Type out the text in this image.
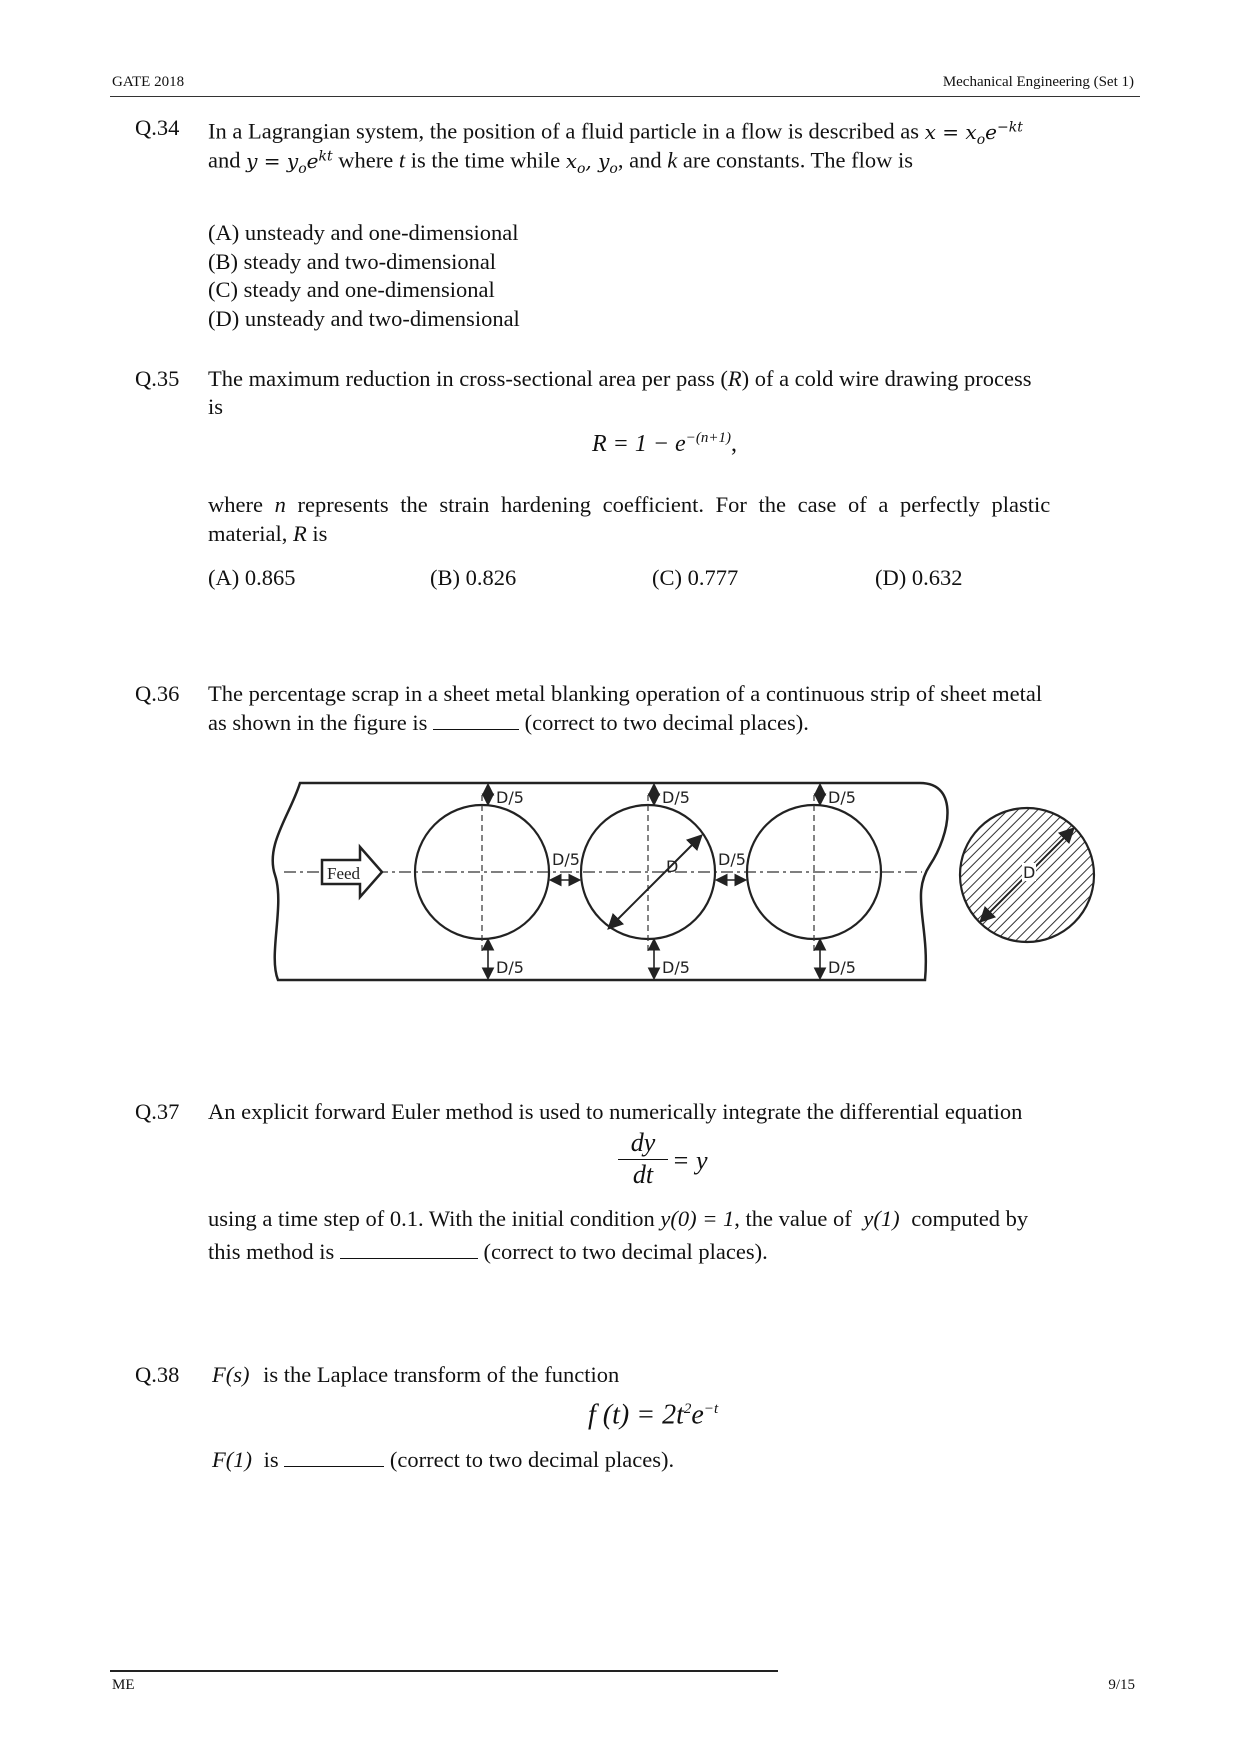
GATE 2018	Mechanical Engineering (Set 1)
Q.34 In a Lagrangian system, the position of a fluid particle in a flow is described as $x = x_oe^{-kt}$
and $y = y_oe^{kt}$ where t is the time while $x_o$, $y_o$, and k are constants. The flow is
(A) unsteady and one-dimensional
(B) steady and two-dimensional
(C) steady and one-dimensional
(D) unsteady and two-dimensional
Q.35 The maximum reduction in cross-sectional area per pass (R) of a cold wire drawing process
is
$R = 1 - e^{-(n+1)}$,
where n represents the strain hardening coefficient. For the case of a perfectly plastic
material, R is
(A) 0.865	(B) 0.826	(C) 0.777	(D) 0.632
Q.36 The percentage scrap in a sheet metal blanking operation of a continuous strip of sheet metal
as shown in the figure is	(correct to two decimal places).
Feed
D/5	D/5	D/5
D/5	D/5	D/5
D/5	D/5
D	D
Q.37 An explicit forward Euler method is used to numerically integrate the differential equation
$\frac{dy}{dt} = y$
using a time step of 0.1. With the initial condition y(0) = 1, the value of y(1) computed by
this method is	(correct to two decimal places).
Q.38 F(s) is the Laplace transform of the function
f $(t) = 2t^2e^{-t}$
F(1) is	(correct to two decimal places).
ME	9/15
